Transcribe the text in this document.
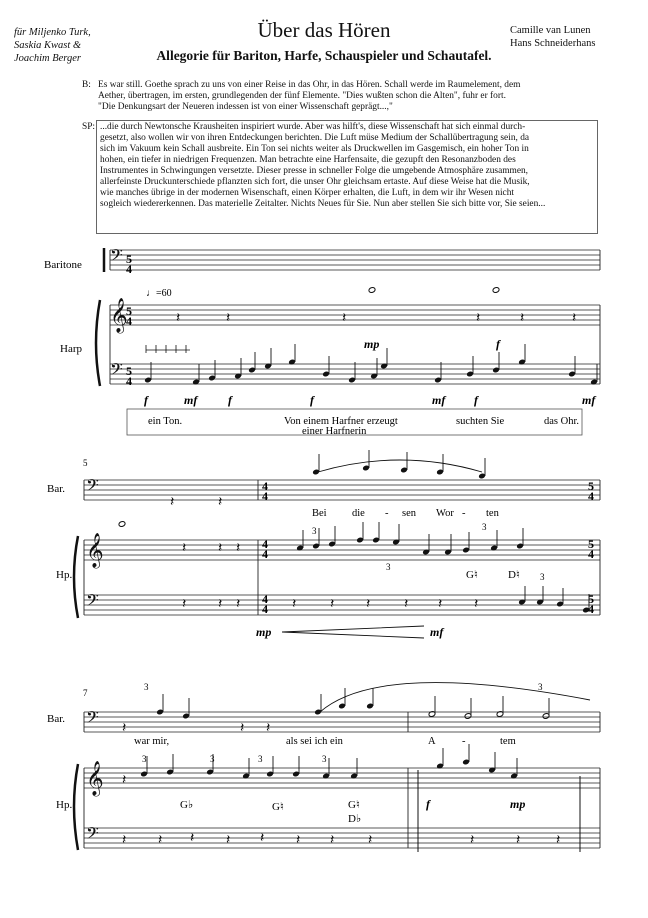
für Miljenko Turk,
Saskia Kwast &
Joachim Berger
Über das Hören
Allegorie für Bariton, Harfe, Schauspieler und Schautafel.
Camille van Lunen
Hans Schneiderhans
B: Es war still. Goethe sprach zu uns von einer Reise in das Ohr, in das Hören. Schall werde im Raumelement, dem
Aether, übertragen, im ersten, grundlegenden der fünf Elemente. "Dies wußten schon die Alten", fuhr er fort.
"Die Denkungsart der Neueren indessen ist von einer Wissenschaft geprägt...,"
SP: ...die durch Newtonsche Krausheiten inspiriert wurde. Aber was hilft's, diese Wissenschaft hat sich einmal durch-
gesetzt, also wollen wir von ihren Entdeckungen berichten. Die Luft müse Medium der Schallübertragung sein, da
sich im Vakuum kein Schall ausbreite. Ein Ton sei nichts weiter als Druckwellen im Gasgemisch, ein hoher Ton in
hohen, ein tiefer in niedrigen Frequenzen. Man betrachte eine Harfensaite, die gezupft den Resonanzboden des
Instrumentes in Schwingungen versetzte. Dieser presse in schneller Folge die umgebende Atmosphäre zusammen,
allerfeinste Druckunterschiede pflanzten sich fort, die unser Ohr gleichsam ertaste. Auf diese Weise hat die Musik,
wie manches übrige in der modernen Wisenschaft, einen Körper erhalten, die Luft, in dem wir ihr Wesen nicht
sogleich wiedererkennen. Das materielle Zeitalter. Nichts Neues für Sie. Nun aber stellen Sie sich bitte vor, Sie seien...
𝄢
𝄞
𝄢
𝄽	𝄽	𝄽	𝄽	𝄽	𝄽
𝄢
𝄞
𝄢
𝄽	𝄽
𝄽 𝄽 𝄽
𝄽 𝄽 𝄽	𝄽 𝄽 𝄽 𝄽 𝄽 𝄽
𝄢
𝄞
𝄢
𝄽	𝄽 𝄽
𝄽
𝄽 𝄽 𝄽 𝄽 𝄽 𝄽 𝄽 𝄽	𝄽	𝄽	𝄽
Baritone
Harp
♩ =60
5
4
5
4
5
4
f	mf	f	f
mp
mf f
f
mf
ein Ton.	Von einem Harfner erzeugt	suchten Sie	das Ohr.
einer Harfnerin
5
Bar.
Hp.
4
4
5
4
4
4
5
4
4
4
5
4
Bei die - sen Wor - ten
3
3
3
3
G♮	D♮
mp	mf
7
Bar.
Hp.
war mir,	als sei ich ein	A	-	tem
3
3	3	3	3
3
G♭	G♮	G♮
D♭
f	mp
